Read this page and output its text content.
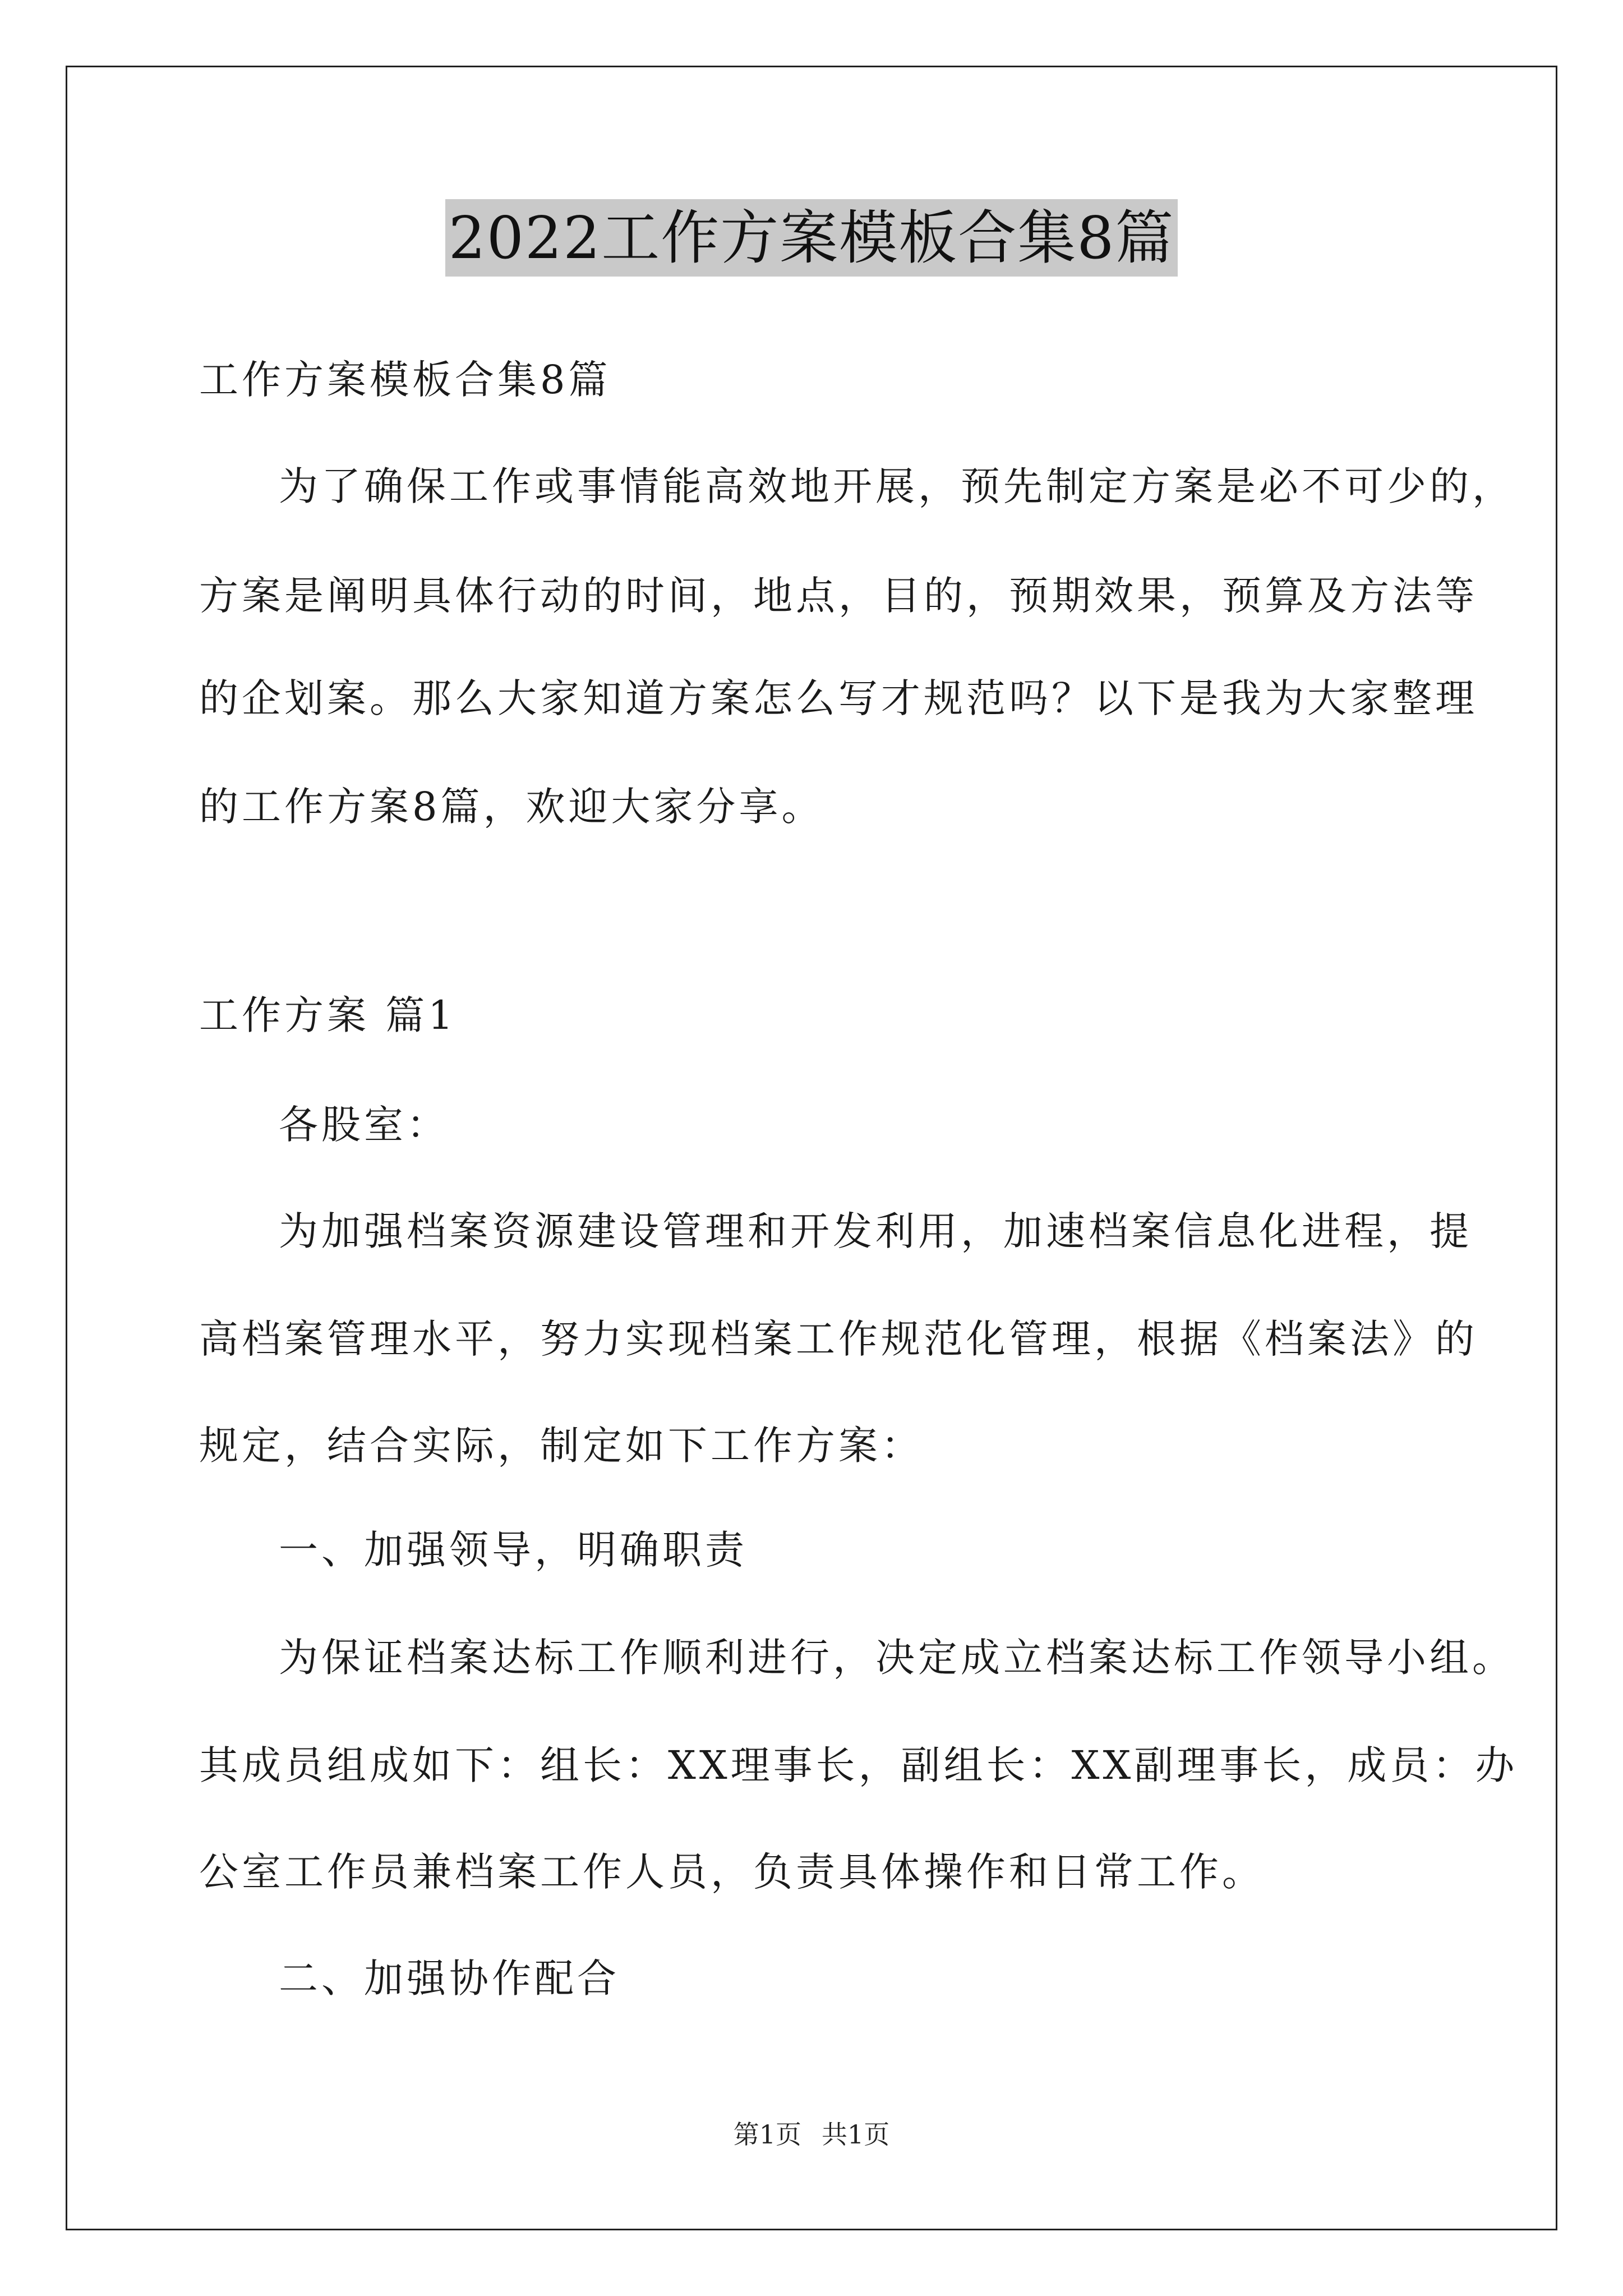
2022工作方案模板合集8篇
工作方案模板合集8篇
为了确保工作或事情能高效地开展，预先制定方案是必不可少的，
方案是阐明具体行动的时间，地点，目的，预期效果，预算及方法等
的企划案。那么大家知道方案怎么写才规范吗？以下是我为大家整理
的工作方案8篇，欢迎大家分享。
工作方案 篇1
各股室：
为加强档案资源建设管理和开发利用，加速档案信息化进程，提
高档案管理水平，努力实现档案工作规范化管理，根据《档案法》的
规定，结合实际，制定如下工作方案：
一、加强领导，明确职责
为保证档案达标工作顺利进行，决定成立档案达标工作领导小组。
其成员组成如下：组长：XX理事长，副组长：XX副理事长，成员：办
公室工作员兼档案工作人员，负责具体操作和日常工作。
二、加强协作配合
第1页 共1页
